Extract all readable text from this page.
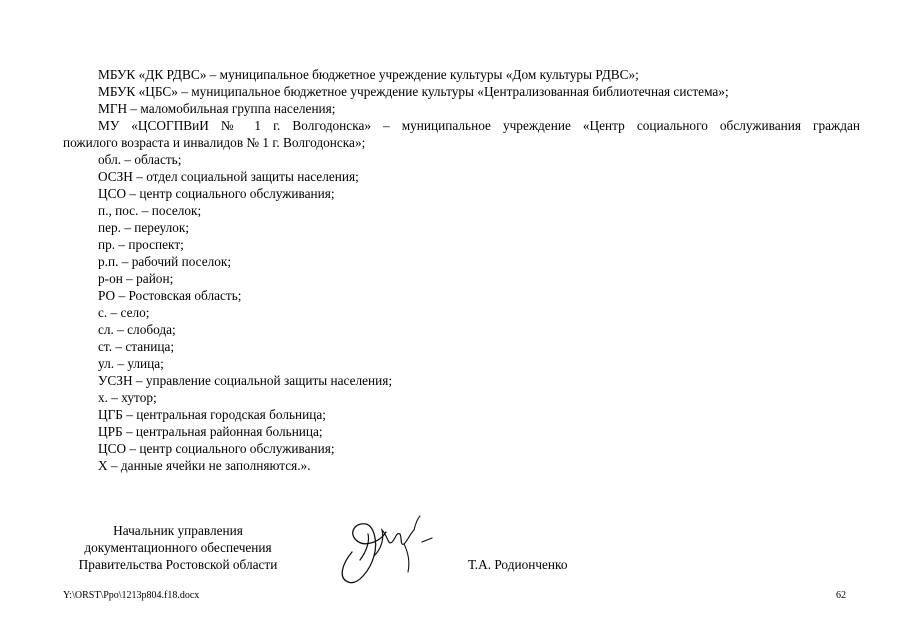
МБУК «ДК РДВС» – муниципальное бюджетное учреждение культуры «Дом культуры РДВС»;
МБУК «ЦБС» – муниципальное бюджетное учреждение культуры «Централизованная библиотечная система»;
МГН – маломобильная группа населения;
МУ «ЦСОГПВиИ № 1 г. Волгодонска» – муниципальное учреждение «Центр социального обслуживания граждан
пожилого возраста и инвалидов № 1 г. Волгодонска»;
обл. – область;
ОСЗН – отдел социальной защиты населения;
ЦСО – центр социального обслуживания;
п., пос. – поселок;
пер. – переулок;
пр. – проспект;
р.п. – рабочий поселок;
р-он – район;
РО – Ростовская область;
с. – село;
сл. – слобода;
ст. – станица;
ул. – улица;
УСЗН – управление социальной защиты населения;
х. – хутор;
ЦГБ – центральная городская больница;
ЦРБ – центральная районная больница;
ЦСО – центр социального обслуживания;
Х – данные ячейки не заполняются.».
Начальник управления
документационного обеспечения
Правительства Ростовской области	Т.А. Родионченко
Y:\ORST\Ppo\1213p804.f18.docx	62
